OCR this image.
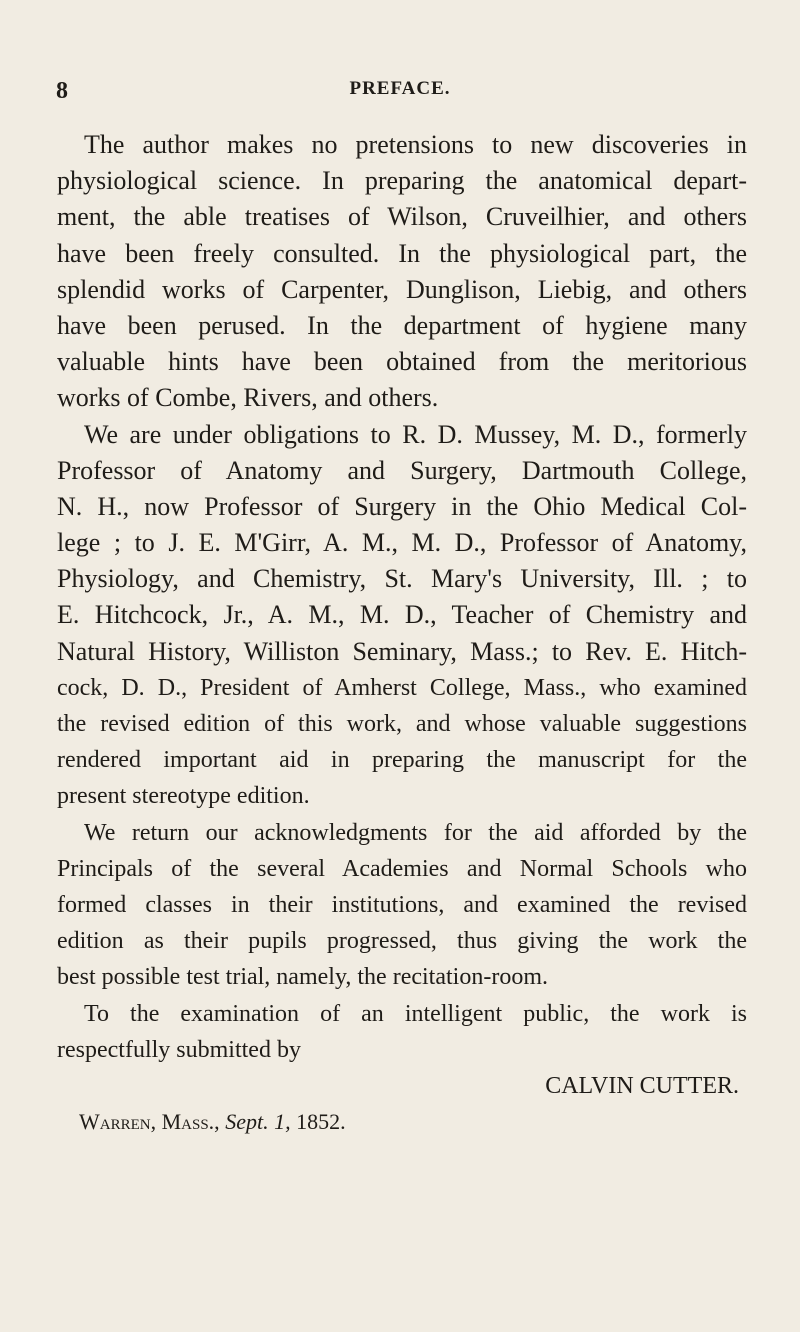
8	PREFACE.
The author makes no pretensions to new discoveries in
physiological science. In preparing the anatomical depart-
ment, the able treatises of Wilson, Cruveilhier, and others
have been freely consulted. In the physiological part, the
splendid works of Carpenter, Dunglison, Liebig, and others
have been perused. In the department of hygiene many
valuable hints have been obtained from the meritorious
works of Combe, Rivers, and others.
We are under obligations to R. D. Mussey, M. D., formerly
Professor of Anatomy and Surgery, Dartmouth College,
N. H., now Professor of Surgery in the Ohio Medical Col-
lege ; to J. E. M'Girr, A. M., M. D., Professor of Anatomy,
Physiology, and Chemistry, St. Mary's University, Ill. ; to
E. Hitchcock, Jr., A. M., M. D., Teacher of Chemistry and
Natural History, Williston Seminary, Mass.; to Rev. E. Hitch-
cock, D. D., President of Amherst College, Mass., who examined
the revised edition of this work, and whose valuable suggestions
rendered important aid in preparing the manuscript for the
present stereotype edition.
We return our acknowledgments for the aid afforded by the
Principals of the several Academies and Normal Schools who
formed classes in their institutions, and examined the revised
edition as their pupils progressed, thus giving the work the
best possible test trial, namely, the recitation-room.
To the examination of an intelligent public, the work is
respectfully submitted by
CALVIN CUTTER.
Warren, Mass., Sept. 1, 1852.
